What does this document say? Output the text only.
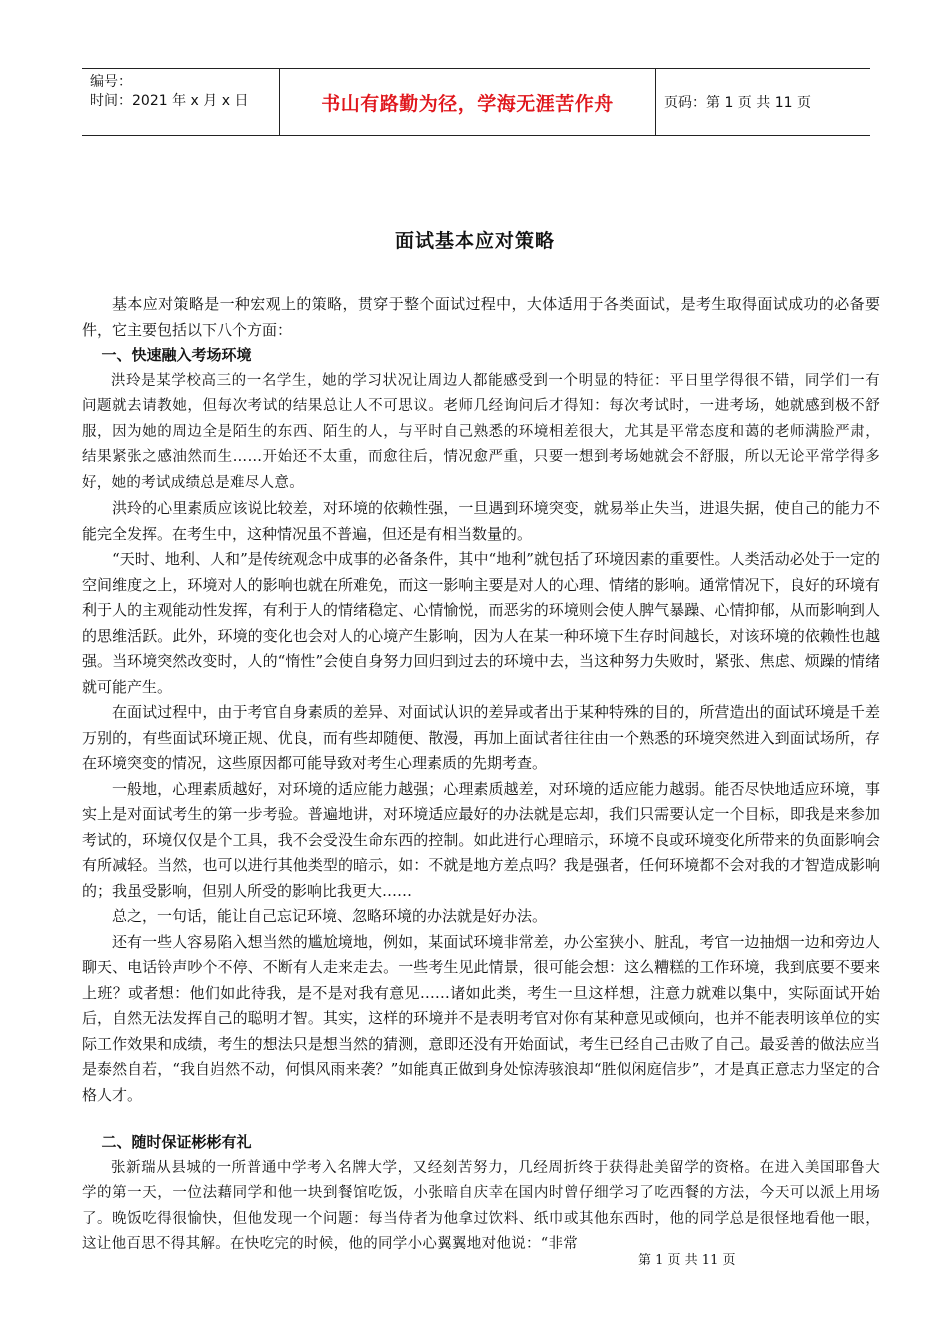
编号：
时间：2021 年 x 月 x 日	书山有路勤为径，学海无涯苦作舟	页码：第 1 页 共 11 页
面试基本应对策略

基本应对策略是一种宏观上的策略，贯穿于整个面试过程中，大体适用于各类面试，是考生取得面试成功的必备要件，它主要包括以下八个方面：

一、快速融入考场环境

洪玲是某学校高三的一名学生，她的学习状况让周边人都能感受到一个明显的特征：平日里学得很不错，同学们一有问题就去请教她，但每次考试的结果总让人不可思议。老师几经询问后才得知：每次考试时，一进考场，她就感到极不舒服，因为她的周边全是陌生的东西、陌生的人，与平时自己熟悉的环境相差很大，尤其是平常态度和蔼的老师满脸严肃，结果紧张之感油然而生……开始还不太重，而愈往后，情况愈严重，只要一想到考场她就会不舒服，所以无论平常学得多好，她的考试成绩总是难尽人意。

洪玲的心里素质应该说比较差，对环境的依赖性强，一旦遇到环境突变，就易举止失当，进退失据，使自己的能力不能完全发挥。在考生中，这种情况虽不普遍，但还是有相当数量的。

“天时、地利、人和”是传统观念中成事的必备条件，其中“地利”就包括了环境因素的重要性。人类活动必处于一定的空间维度之上，环境对人的影响也就在所难免，而这一影响主要是对人的心理、情绪的影响。通常情况下，良好的环境有利于人的主观能动性发挥，有利于人的情绪稳定、心情愉悦，而恶劣的环境则会使人脾气暴躁、心情抑郁，从而影响到人的思维活跃。此外，环境的变化也会对人的心境产生影响，因为人在某一种环境下生存时间越长，对该环境的依赖性也越强。当环境突然改变时，人的“惰性”会使自身努力回归到过去的环境中去，当这种努力失败时，紧张、焦虑、烦躁的情绪就可能产生。

在面试过程中，由于考官自身素质的差异、对面试认识的差异或者出于某种特殊的目的，所营造出的面试环境是千差万别的，有些面试环境正规、优良，而有些却随便、散漫，再加上面试者往往由一个熟悉的环境突然进入到面试场所，存在环境突变的情况，这些原因都可能导致对考生心理素质的先期考查。

一般地，心理素质越好，对环境的适应能力越强；心理素质越差，对环境的适应能力越弱。能否尽快地适应环境，事实上是对面试考生的第一步考验。普遍地讲，对环境适应最好的办法就是忘却，我们只需要认定一个目标，即我是来参加考试的，环境仅仅是个工具，我不会受没生命东西的控制。如此进行心理暗示，环境不良或环境变化所带来的负面影响会有所减轻。当然，也可以进行其他类型的暗示，如：不就是地方差点吗？我是强者，任何环境都不会对我的才智造成影响的；我虽受影响，但别人所受的影响比我更大……

总之，一句话，能让自己忘记环境、忽略环境的办法就是好办法。

还有一些人容易陷入想当然的尴尬境地，例如，某面试环境非常差，办公室狭小、脏乱，考官一边抽烟一边和旁边人聊天、电话铃声吵个不停、不断有人走来走去。一些考生见此情景，很可能会想：这么糟糕的工作环境，我到底要不要来上班？或者想：他们如此待我，是不是对我有意见……诸如此类，考生一旦这样想，注意力就难以集中，实际面试开始后，自然无法发挥自己的聪明才智。其实，这样的环境并不是表明考官对你有某种意见或倾向，也并不能表明该单位的实际工作效果和成绩，考生的想法只是想当然的猜测，意即还没有开始面试，考生已经自己击败了自己。最妥善的做法应当是泰然自若，“我自岿然不动，何惧风雨来袭？”如能真正做到身处惊涛骇浪却“胜似闲庭信步”，才是真正意志力坚定的合格人才。

二、随时保证彬彬有礼

张新瑞从县城的一所普通中学考入名牌大学，又经刻苦努力，几经周折终于获得赴美留学的资格。在进入美国耶鲁大学的第一天，一位法藉同学和他一块到餐馆吃饭，小张暗自庆幸在国内时曾仔细学习了吃西餐的方法，今天可以派上用场了。晚饭吃得很愉快，但他发现一个问题：每当侍者为他拿过饮料、纸巾或其他东西时，他的同学总是很怪地看他一眼，这让他百思不得其解。在快吃完的时候，他的同学小心翼翼地对他说：“非常

第 1 页 共 11 页
